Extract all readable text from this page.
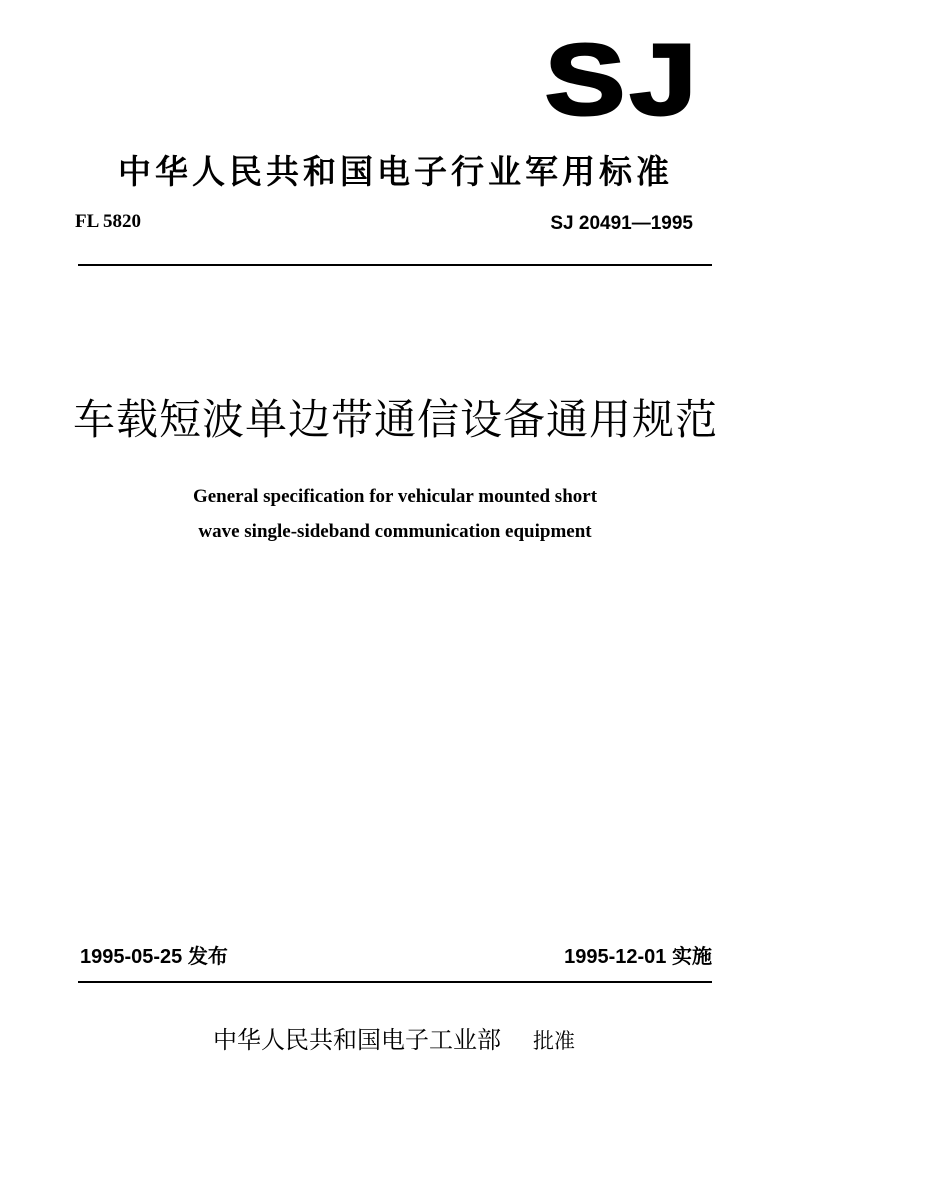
SJ
中华人民共和国电子行业军用标准
FL 5820	SJ 20491—1995
车载短波单边带通信设备通用规范
General specification for vehicular mounted short
wave single-sideband communication equipment
1995-05-25 发布	1995-12-01 实施
中华人民共和国电子工业部 批准
